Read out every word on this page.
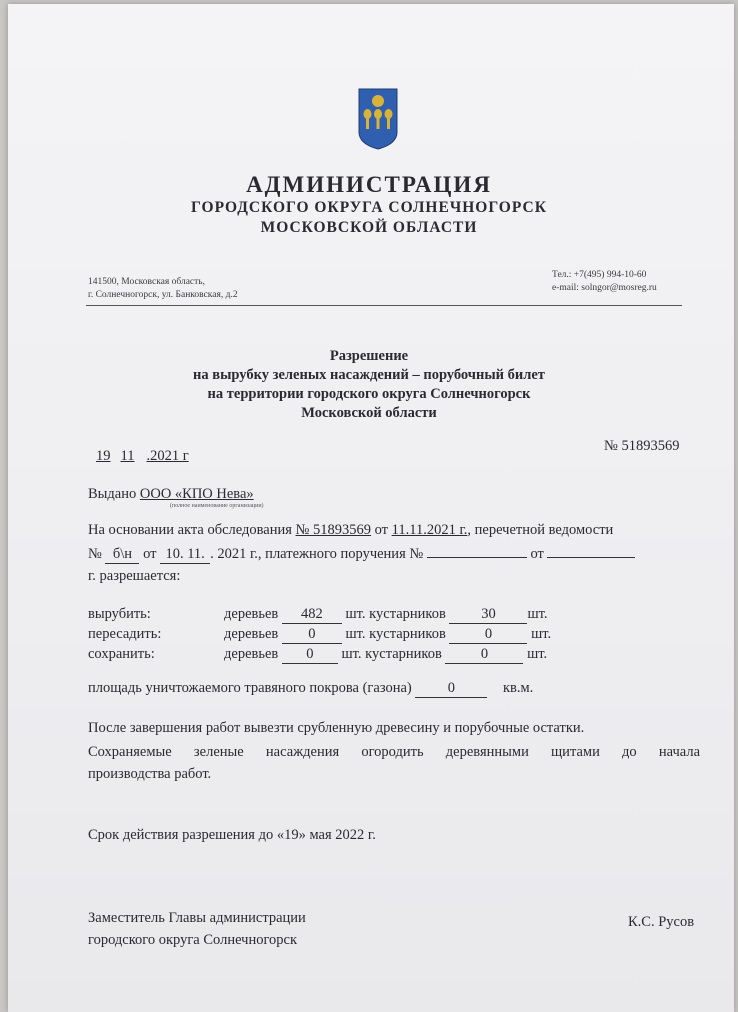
АДМИНИСТРАЦИЯ
ГОРОДСКОГО ОКРУГА СОЛНЕЧНОГОРСК
МОСКОВСКОЙ ОБЛАСТИ
141500, Московская область,
г. Солнечногорск, ул. Банковская, д.2
Тел.: +7(495) 994-10-60
e-mail: solngor@mosreg.ru
Разрешение
на вырубку зеленых насаждений – порубочный билет
на территории городского округа Солнечногорск
Московской области
19 11 .2021 г
№ 51893569
Выдано ООО «КПО Нева»
(полное наименование организации)
На основании акта обследования № 51893569 от 11.11.2021 г., перечетной ведомости
№ б\н от 10. 11. . 2021 г., платежного поручения №	от
г. разрешается:
вырубить:	деревьев 482 шт. кустарников 30 шт.
пересадить:	деревьев 0 шт. кустарников	0	шт.
сохранить:	деревьев 0 шт. кустарников	0	шт.
площадь уничтожаемого травяного покрова (газона) 0	кв.м.
После завершения работ вывезти срубленную древесину и порубочные остатки.
Сохраняемые зеленые насаждения огородить деревянными щитами до начала
производства работ.
Срок действия разрешения до «19» мая 2022 г.
Заместитель Главы администрации
городского округа Солнечногорск
К.С. Русов
